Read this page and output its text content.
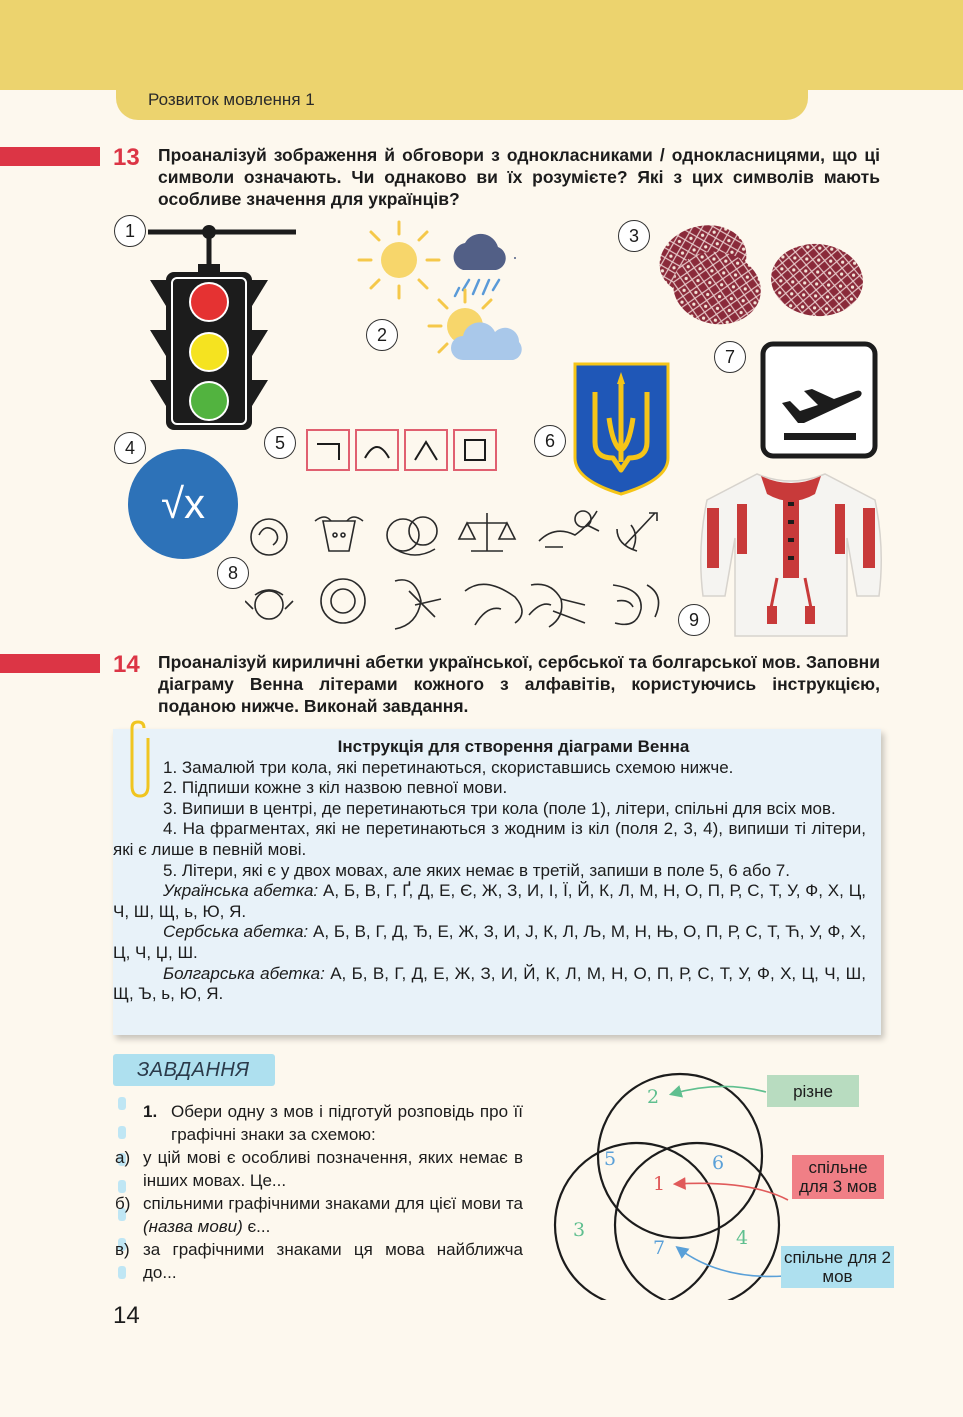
Розвиток мовлення 1
13 Проаналізуй зображення й обговори з однокласниками / однокласницями, що ці символи означають. Чи однаково ви їх розумієте? Які з цих символів мають особливе значення для українців?
1
2
3
7
4
√x
5	6
8
9
14 Проаналізуй кириличні абетки української, сербської та болгарської мов. Заповни діаграму Венна літерами кожного з алфавітів, користуючись інструкцією, поданою нижче. Виконай завдання.
Інструкція для створення діаграми Венна

1. Замалюй три кола, які перетинаються, скориставшись схемою нижче.

2. Підпиши кожне з кіл назвою певної мови.

3. Випиши в центрі, де перетинаються три кола (поле 1), літери, спільні для всіх мов.

4. На фрагментах, які не перетинаються з жодним із кіл (поля 2, 3, 4), випиши ті літери, які є лише в певній мові.

5. Літери, які є у двох мовах, але яких немає в третій, запиши в поле 5, 6 або 7.

Українська абетка: А, Б, В, Г, Ґ, Д, Е, Є, Ж, З, И, І, Ї, Й, К, Л, М, Н, О, П, Р, С, Т, У, Ф, Х, Ц, Ч, Ш, Щ, ь, Ю, Я.

Сербська абетка: А, Б, В, Г, Д, Ђ, Е, Ж, З, И, Ј, К, Л, Љ, М, Н, Њ, О, П, Р, С, Т, Ћ, У, Ф, Х, Ц, Ч, Џ, Ш.

Болгарська абетка: А, Б, В, Г, Д, Е, Ж, З, И, Й, К, Л, М, Н, О, П, Р, С, Т, У, Ф, Х, Ц, Ч, Ш, Щ, Ъ, ь, Ю, Я.

ЗАВДАННЯ
1. Обери одну з мов і підготуй розповідь про її графічні знаки за схемою:
а) у цій мові є особливі позначення, яких немає в інших мовах. Це...
б) спільними графічними знаками для цієї мови та (назва мови) є...
в) за графічними знаками ця мова найближча до...
2
5	6
1
3	4
7
різне
спільне для 3 мов
спільне для 2 мов
14
